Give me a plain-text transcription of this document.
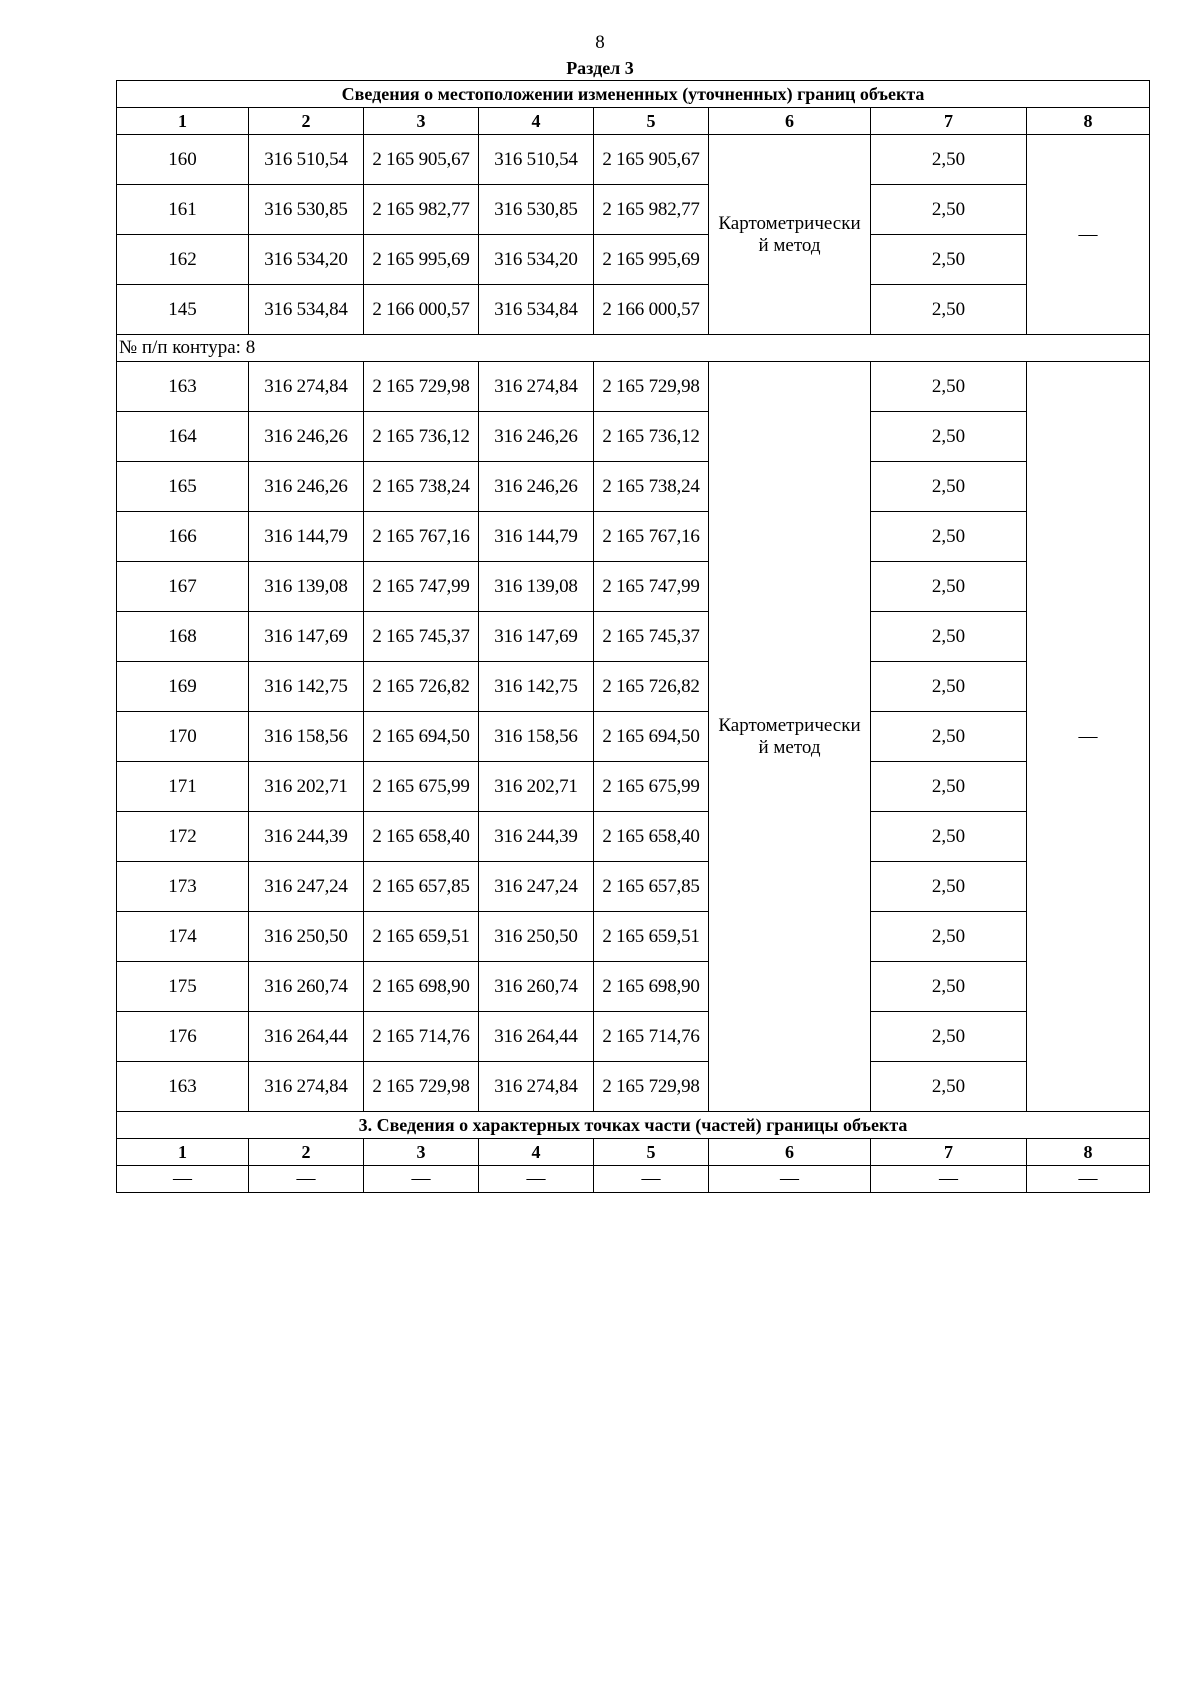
8
Раздел 3
Сведения о местоположении измененных (уточненных) границ объекта							
1	2	3	4	5	6	7	8
160	316 510,54	2 165 905,67	316 510,54	2 165 905,67	Картометрически й метод	2,50	—
161	316 530,85	2 165 982,77	316 530,85	2 165 982,77		2,50	
162	316 534,20	2 165 995,69	316 534,20	2 165 995,69		2,50	
145	316 534,84	2 166 000,57	316 534,84	2 166 000,57		2,50	
№ п/п контура: 8							
163	316 274,84	2 165 729,98	316 274,84	2 165 729,98	Картометрически й метод	2,50	—
164	316 246,26	2 165 736,12	316 246,26	2 165 736,12		2,50	
165	316 246,26	2 165 738,24	316 246,26	2 165 738,24		2,50	
166	316 144,79	2 165 767,16	316 144,79	2 165 767,16		2,50	
167	316 139,08	2 165 747,99	316 139,08	2 165 747,99		2,50	
168	316 147,69	2 165 745,37	316 147,69	2 165 745,37		2,50	
169	316 142,75	2 165 726,82	316 142,75	2 165 726,82		2,50	
170	316 158,56	2 165 694,50	316 158,56	2 165 694,50		2,50	
171	316 202,71	2 165 675,99	316 202,71	2 165 675,99		2,50	
172	316 244,39	2 165 658,40	316 244,39	2 165 658,40		2,50	
173	316 247,24	2 165 657,85	316 247,24	2 165 657,85		2,50	
174	316 250,50	2 165 659,51	316 250,50	2 165 659,51		2,50	
175	316 260,74	2 165 698,90	316 260,74	2 165 698,90		2,50	
176	316 264,44	2 165 714,76	316 264,44	2 165 714,76		2,50	
163	316 274,84	2 165 729,98	316 274,84	2 165 729,98		2,50	
3. Сведения о характерных точках части (частей) границы объекта							
1	2	3	4	5	6	7	8
—	—	—	—	—	—	—	—
